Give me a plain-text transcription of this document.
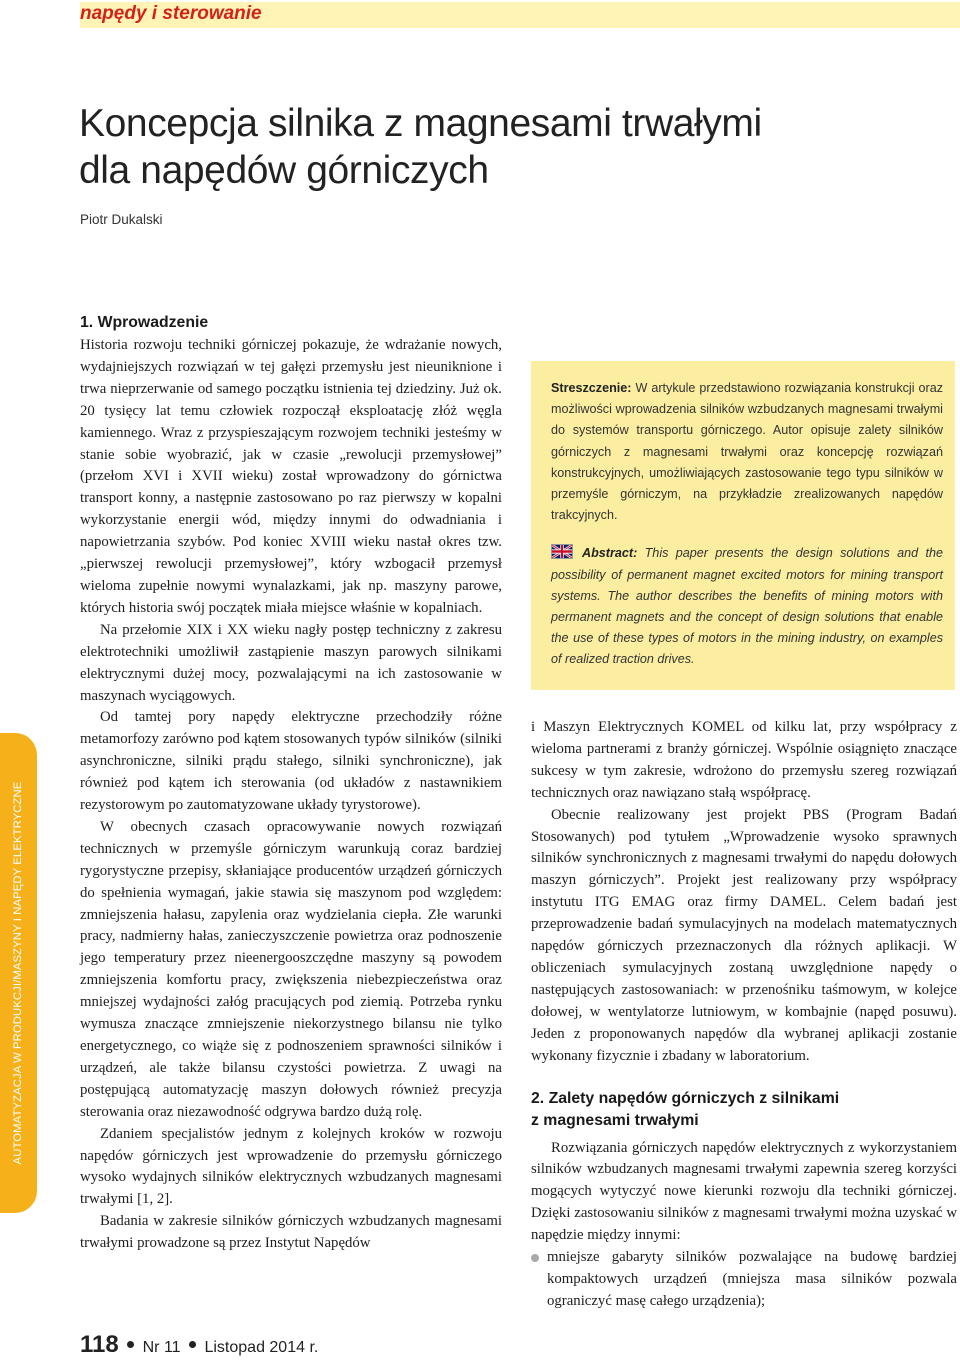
napędy i sterowanie
Koncepcja silnika z magnesami trwałymi
dla napędów górniczych
Piotr Dukalski
AUTOMATYZACJA W PRODUKCJI/MASZYNY I NAPĘDY ELEKTRYCZNE
1. Wprowadzenie

Historia rozwoju techniki górniczej pokazuje, że wdrażanie nowych, wydajniejszych rozwiązań w tej gałęzi przemysłu jest nieuniknione i trwa nieprzerwanie od samego początku istnienia tej dziedziny. Już ok. 20 tysięcy lat temu człowiek rozpoczął eksploatację złóż węgla kamiennego. Wraz z przyspieszającym rozwojem techniki jesteśmy w stanie sobie wyobrazić, jak w czasie „rewolucji przemysłowej” (przełom XVI i XVII wieku) został wprowadzony do górnictwa transport konny, a następnie zastosowano po raz pierwszy w kopalni wykorzystanie energii wód, między innymi do odwadniania i napowietrzania szybów. Pod koniec XVIII wieku nastał okres tzw. „pierwszej rewolucji przemysłowej”, który wzbogacił przemysł wieloma zupełnie nowymi wynalazkami, jak np. maszyny parowe, których historia swój początek miała miejsce właśnie w kopalniach.

Na przełomie XIX i XX wieku nagły postęp techniczny z zakresu elektrotechniki umożliwił zastąpienie maszyn parowych silnikami elektrycznymi dużej mocy, pozwalającymi na ich zastosowanie w maszynach wyciągowych.

Od tamtej pory napędy elektryczne przechodziły różne metamorfozy zarówno pod kątem stosowanych typów silników (silniki asynchroniczne, silniki prądu stałego, silniki synchroniczne), jak również pod kątem ich sterowania (od układów z nastawnikiem rezystorowym po zautomatyzowane układy tyrystorowe).

W obecnych czasach opracowywanie nowych rozwiązań technicznych w przemyśle górniczym warunkują coraz bardziej rygorystyczne przepisy, skłaniające producentów urządzeń górniczych do spełnienia wymagań, jakie stawia się maszynom pod względem: zmniejszenia hałasu, zapylenia oraz wydzielania ciepła. Złe warunki pracy, nadmierny hałas, zanieczyszczenie powietrza oraz podnoszenie jego temperatury przez nieenergooszczędne maszyny są powodem zmniejszenia komfortu pracy, zwiększenia niebezpieczeństwa oraz mniejszej wydajności załóg pracujących pod ziemią. Potrzeba rynku wymusza znaczące zmniejszenie niekorzystnego bilansu nie tylko energetycznego, co wiąże się z podnoszeniem sprawności silników i urządzeń, ale także bilansu czystości powietrza. Z uwagi na postępującą automatyzację maszyn dołowych również precyzja sterowania oraz niezawodność odgrywa bardzo dużą rolę.

Zdaniem specjalistów jednym z kolejnych kroków w rozwoju napędów górniczych jest wprowadzenie do przemysłu górniczego wysoko wydajnych silników elektrycznych wzbudzanych magnesami trwałymi [1, 2].

Badania w zakresie silników górniczych wzbudzanych magnesami trwałymi prowadzone są przez Instytut Napędów

Streszczenie: W artykule przedstawiono rozwiązania konstrukcji oraz możliwości wprowadzenia silników wzbudzanych magnesami trwałymi do systemów transportu górniczego. Autor opisuje zalety silników górniczych z magnesami trwałymi oraz koncepcję rozwiązań konstrukcyjnych, umożliwiających zastosowanie tego typu silników w przemyśle górniczym, na przykładzie zrealizowanych napędów trakcyjnych.

Abstract: This paper presents the design solutions and the possibility of permanent magnet excited motors for mining transport systems. The author describes the benefits of mining motors with permanent magnets and the concept of design solutions that enable the use of these types of motors in the mining industry, on examples of realized traction drives.

i Maszyn Elektrycznych KOMEL od kilku lat, przy współpracy z wieloma partnerami z branży górniczej. Wspólnie osiągnięto znaczące sukcesy w tym zakresie, wdrożono do przemysłu szereg rozwiązań technicznych oraz nawiązano stałą współpracę.

Obecnie realizowany jest projekt PBS (Program Badań Stosowanych) pod tytułem „Wprowadzenie wysoko sprawnych silników synchronicznych z magnesami trwałymi do napędu dołowych maszyn górniczych”. Projekt jest realizowany przy współpracy instytutu ITG EMAG oraz firmy DAMEL. Celem badań jest przeprowadzenie badań symulacyjnych na modelach matematycznych napędów górniczych przeznaczonych dla różnych aplikacji. W obliczeniach symulacyjnych zostaną uwzględnione napędy o następujących zastosowaniach: w przenośniku taśmowym, w kolejce dołowej, w wentylatorze lutniowym, w kombajnie (napęd posuwu). Jeden z proponowanych napędów dla wybranej aplikacji zostanie wykonany fizycznie i zbadany w laboratorium.

2. Zalety napędów górniczych z silnikami
z magnesami trwałymi

Rozwiązania górniczych napędów elektrycznych z wykorzystaniem silników wzbudzanych magnesami trwałymi zapewnia szereg korzyści mogących wytyczyć nowe kierunki rozwoju dla techniki górniczej. Dzięki zastosowaniu silników z magnesami trwałymi można uzyskać w napędzie między innymi:

mniejsze gabaryty silników pozwalające na budowę bardziej kompaktowych urządzeń (mniejsza masa silników pozwala ograniczyć masę całego urządzenia);
118 Nr 11 Listopad 2014 r.
